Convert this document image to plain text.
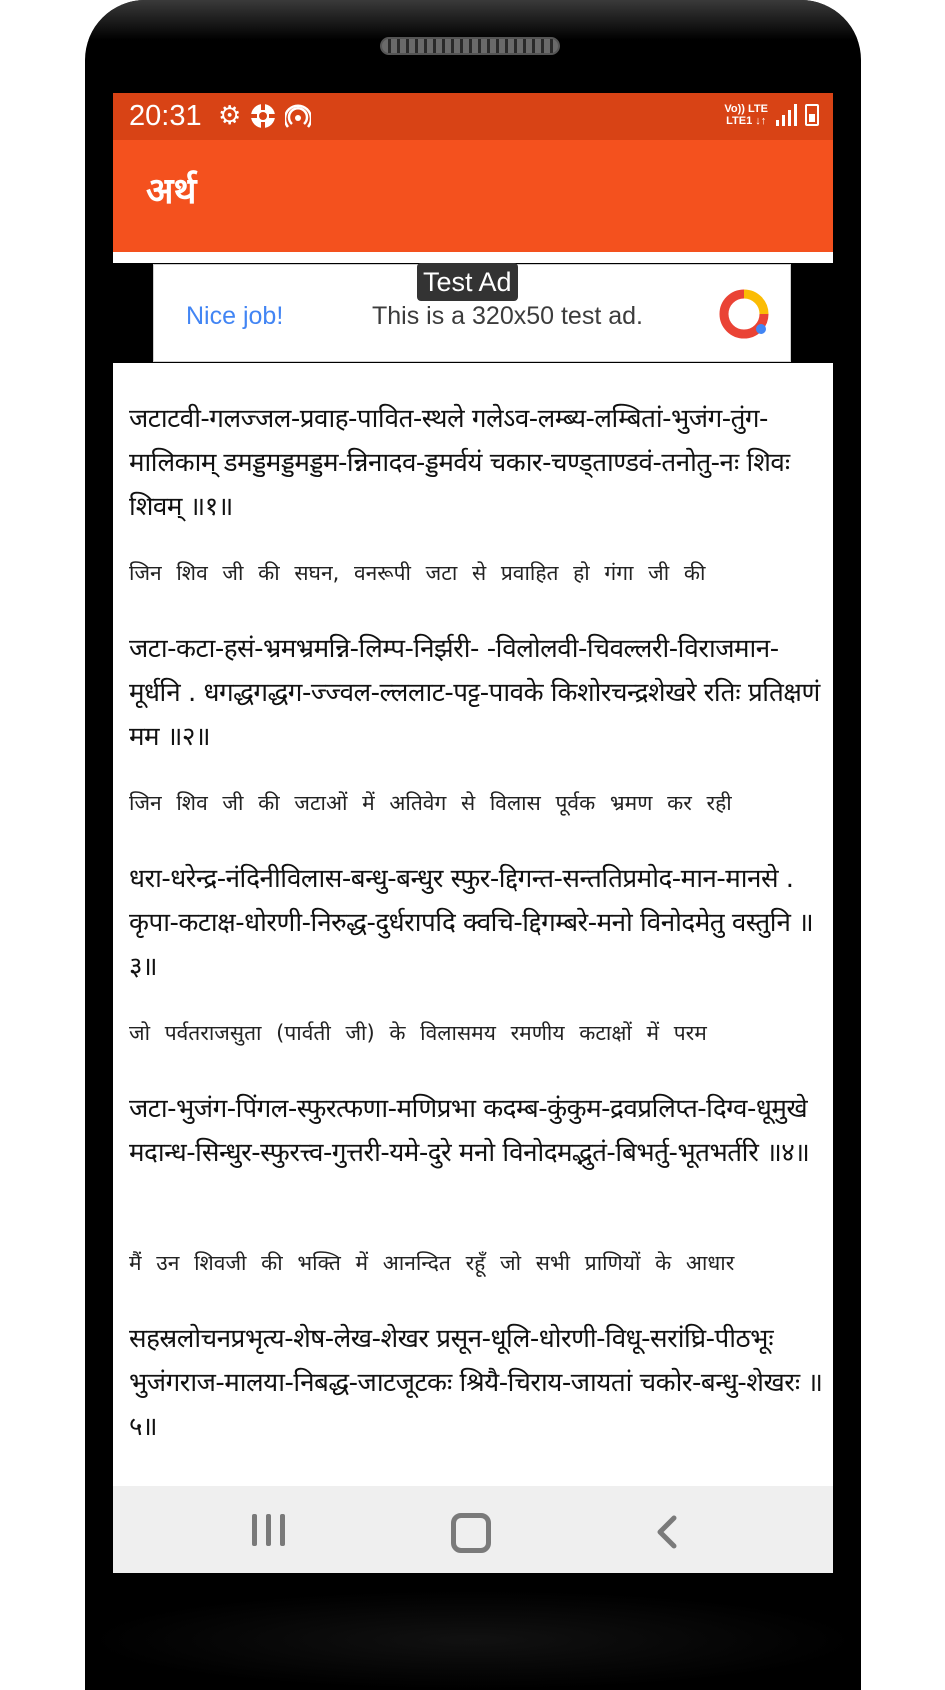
20:31 ⚙	Vo)) LTE
LTE1 ↓↑
अर्थ
Nice job!	This is a 320x50 test ad.
Test Ad
जटाटवी-गलज्जल-प्रवाह-पावित-स्थले गलेऽव-लम्ब्य-लम्बितां-भुजंग-तुंग-मालिकाम् डमड्डमड्डमड्डम-न्निनादव-ड्डमर्वयं चकार-चण्ड्ताण्डवं-तनोतु-नः शिवः शिवम् ॥१॥
जिन शिव जी की सघन, वनरूपी जटा से प्रवाहित हो गंगा जी की
जटा-कटा-हसं-भ्रमभ्रमन्नि-लिम्प-निर्झरी- -विलोलवी-चिवल्लरी-विराजमान-मूर्धनि . धगद्धगद्धग-ज्ज्वल-ल्ललाट-पट्ट-पावके किशोरचन्द्रशेखरे रतिः प्रतिक्षणं मम ॥२॥
जिन शिव जी की जटाओं में अतिवेग से विलास पूर्वक भ्रमण कर रही
धरा-धरेन्द्र-नंदिनीविलास-बन्धु-बन्धुर स्फुर-द्दिगन्त-सन्ततिप्रमोद-मान-मानसे . कृपा-कटाक्ष-धोरणी-निरुद्ध-दुर्धरापदि क्वचि-द्दिगम्बरे-मनो विनोदमेतु वस्तुनि ॥३॥
जो पर्वतराजसुता (पार्वती जी) के विलासमय रमणीय कटाक्षों में परम
जटा-भुजंग-पिंगल-स्फुरत्फणा-मणिप्रभा कदम्ब-कुंकुम-द्रवप्रलिप्त-दिग्व-धूमुखे मदान्ध-सिन्धुर-स्फुरत्त्व-गुत्तरी-यमे-दुरे मनो विनोदमद्भुतं-बिभर्तु-भूतभर्तरि ॥४॥
मैं उन शिवजी की भक्ति में आनन्दित रहूँ जो सभी प्राणियों के आधार
सहस्रलोचनप्रभृत्य-शेष-लेख-शेखर प्रसून-धूलि-धोरणी-विधू-सरांघ्रि-पीठभूः भुजंगराज-मालया-निबद्ध-जाटजूटकः श्रियै-चिराय-जायतां चकोर-बन्धु-शेखरः ॥५॥
